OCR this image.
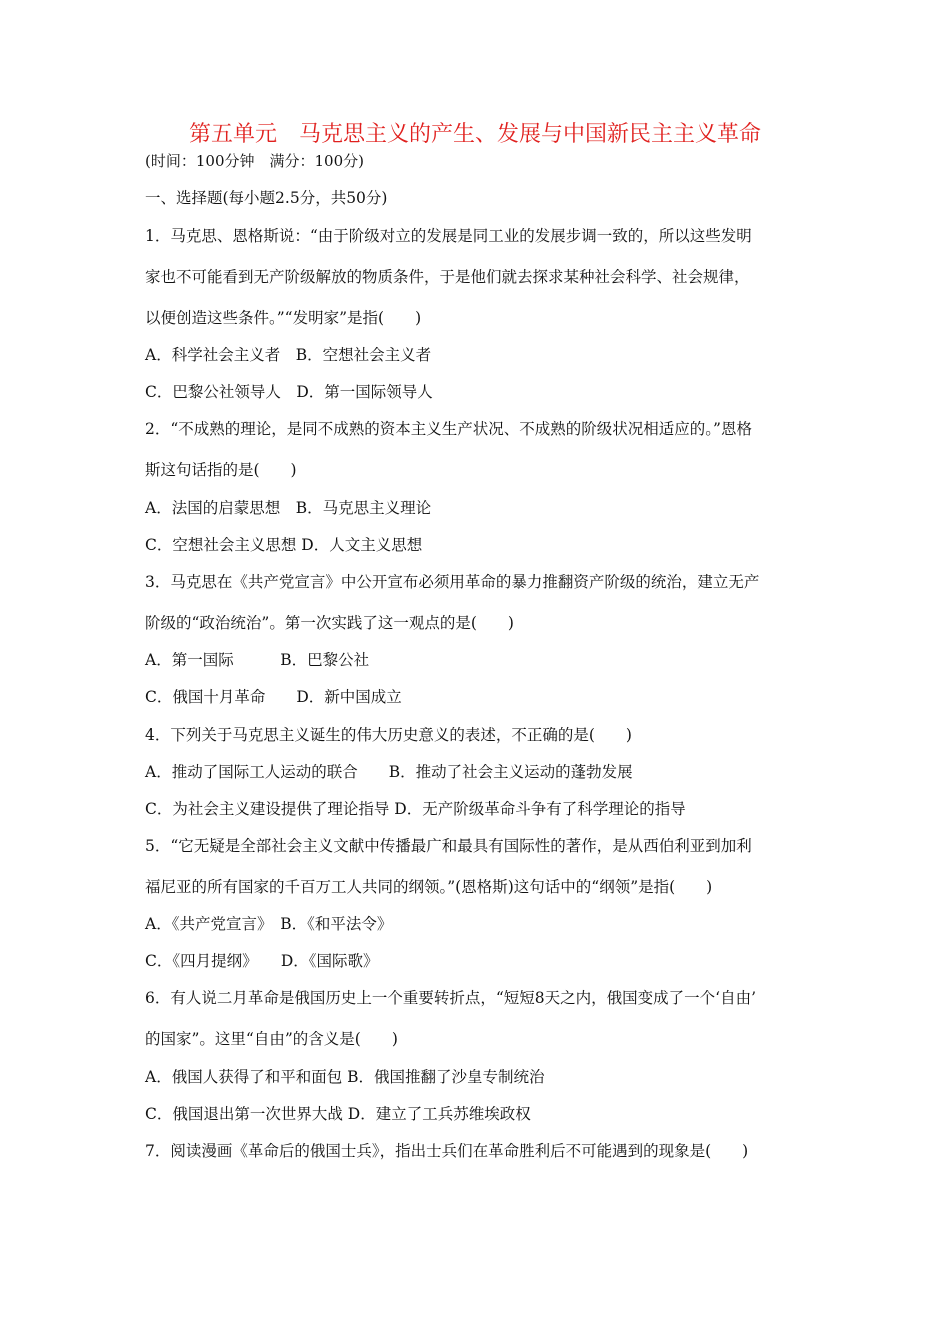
第五单元　马克思主义的产生、发展与中国新民主主义革命
(时间：100分钟　满分：100分)
一、选择题(每小题2.5分，共50分)
1．马克思、恩格斯说：“由于阶级对立的发展是同工业的发展步调一致的，所以这些发明
家也不可能看到无产阶级解放的物质条件，于是他们就去探求某种社会科学、社会规律，
以便创造这些条件。”“发明家”是指(　　)
A．科学社会主义者　B．空想社会主义者
C．巴黎公社领导人　D．第一国际领导人
2．“不成熟的理论，是同不成熟的资本主义生产状况、不成熟的阶级状况相适应的。”恩格
斯这句话指的是(　　)
A．法国的启蒙思想　B．马克思主义理论
C．空想社会主义思想 D．人文主义思想
3．马克思在《共产党宣言》中公开宣布必须用革命的暴力推翻资产阶级的统治，建立无产
阶级的“政治统治”。第一次实践了这一观点的是(　　)
A．第一国际　　　B．巴黎公社
C．俄国十月革命　　D．新中国成立
4．下列关于马克思主义诞生的伟大历史意义的表述，不正确的是(　　)
A．推动了国际工人运动的联合　　B．推动了社会主义运动的蓬勃发展
C．为社会主义建设提供了理论指导 D．无产阶级革命斗争有了科学理论的指导
5．“它无疑是全部社会主义文献中传播最广和最具有国际性的著作，是从西伯利亚到加利
福尼亚的所有国家的千百万工人共同的纲领。”(恩格斯)这句话中的“纲领”是指(　　)
A．《共产党宣言》　B．《和平法令》
C．《四月提纲》　　D．《国际歌》
6．有人说二月革命是俄国历史上一个重要转折点，“短短8天之内，俄国变成了一个‘自由’
的国家”。这里“自由”的含义是(　　)
A．俄国人获得了和平和面包 B．俄国推翻了沙皇专制统治
C．俄国退出第一次世界大战 D．建立了工兵苏维埃政权
7．阅读漫画《革命后的俄国士兵》，指出士兵们在革命胜利后不可能遇到的现象是(　　)
